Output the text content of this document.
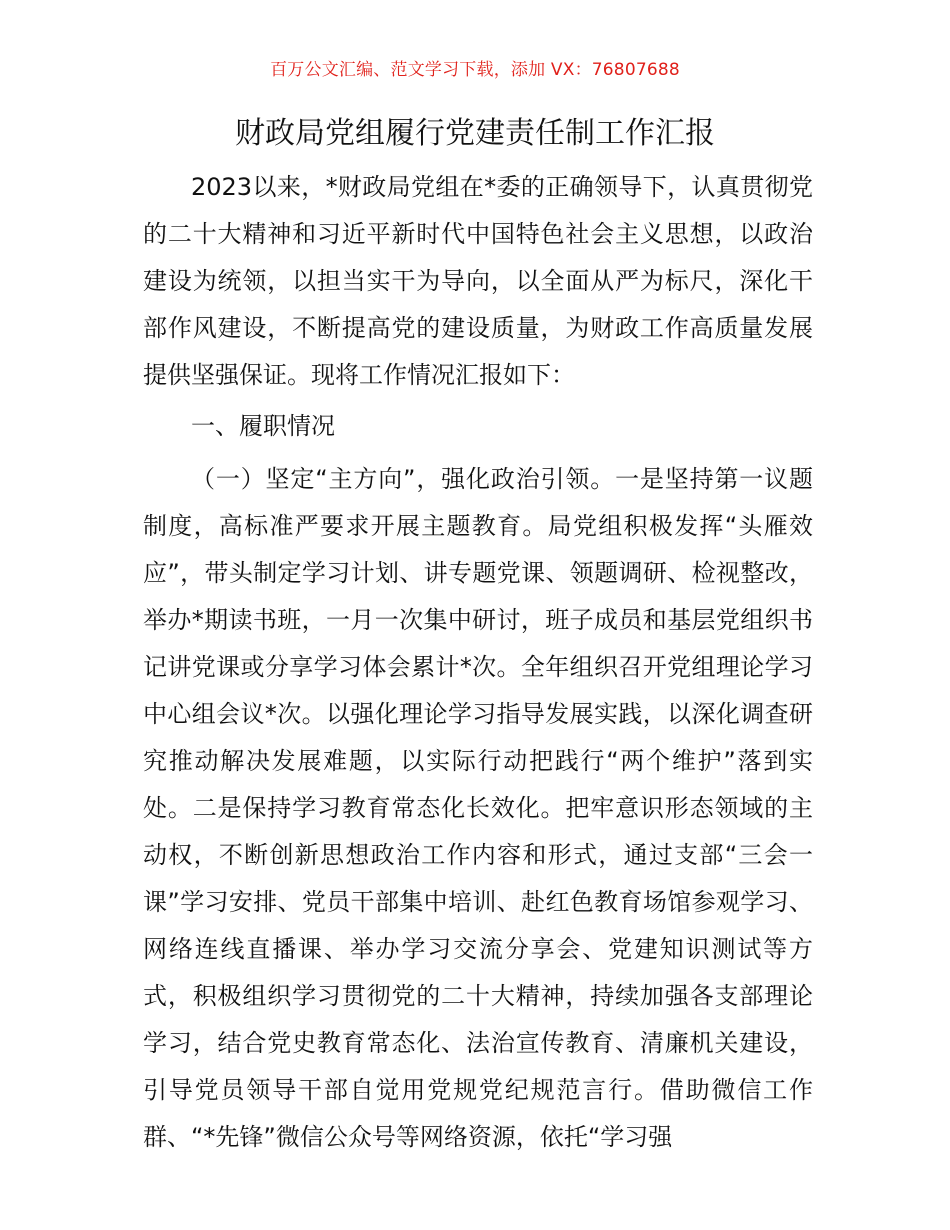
百万公文汇编、范文学习下载，添加 VX：76807688
财政局党组履行党建责任制工作汇报

2023以来，*财政局党组在*委的正确领导下，认真贯彻党的二十大精神和习近平新时代中国特色社会主义思想，以政治建设为统领，以担当实干为导向，以全面从严为标尺，深化干部作风建设，不断提高党的建设质量，为财政工作高质量发展提供坚强保证。现将工作情况汇报如下：

一、履职情况

（一）坚定“主方向”，强化政治引领。一是坚持第一议题制度，高标准严要求开展主题教育。局党组积极发挥“头雁效应”，带头制定学习计划、讲专题党课、领题调研、检视整改，举办*期读书班，一月一次集中研讨，班子成员和基层党组织书记讲党课或分享学习体会累计*次。全年组织召开党组理论学习中心组会议*次。以强化理论学习指导发展实践，以深化调查研究推动解决发展难题，以实际行动把践行“两个维护”落到实处。二是保持学习教育常态化长效化。把牢意识形态领域的主动权，不断创新思想政治工作内容和形式，通过支部“三会一课”学习安排、党员干部集中培训、赴红色教育场馆参观学习、网络连线直播课、举办学习交流分享会、党建知识测试等方式，积极组织学习贯彻党的二十大精神，持续加强各支部理论学习，结合党史教育常态化、法治宣传教育、清廉机关建设，引导党员领导干部自觉用党规党纪规范言行。借助微信工作群、“*先锋”微信公众号等网络资源，依托“学习强
